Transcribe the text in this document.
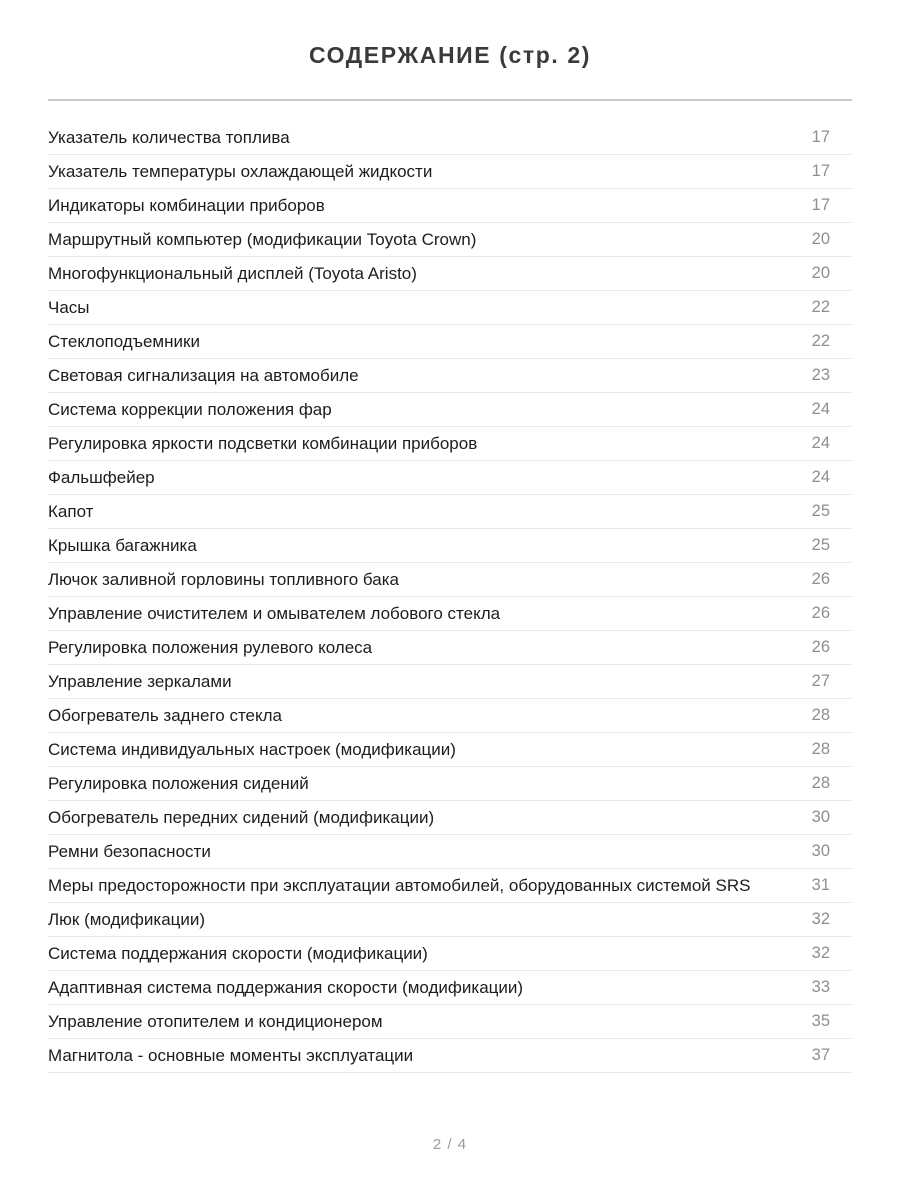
СОДЕРЖАНИЕ (стр. 2)
Указатель количества топлива	17
Указатель температуры охлаждающей жидкости	17
Индикаторы комбинации приборов	17
Маршрутный компьютер (модификации Toyota Crown)	20
Многофункциональный дисплей (Toyota Aristo)	20
Часы	22
Стеклоподъемники	22
Световая сигнализация на автомобиле	23
Система коррекции положения фар	24
Регулировка яркости подсветки комбинации приборов	24
Фальшфейер	24
Капот	25
Крышка багажника	25
Лючок заливной горловины топливного бака	26
Управление очистителем и омывателем лобового стекла	26
Регулировка положения рулевого колеса	26
Управление зеркалами	27
Обогреватель заднего стекла	28
Система индивидуальных настроек (модификации)	28
Регулировка положения сидений	28
Обогреватель передних сидений (модификации)	30
Ремни безопасности	30
Меры предосторожности при эксплуатации автомобилей, оборудованных системой SRS	31
Люк (модификации)	32
Система поддержания скорости (модификации)	32
Адаптивная система поддержания скорости (модификации)	33
Управление отопителем и кондиционером	35
Магнитола - основные моменты эксплуатации	37
2 / 4
